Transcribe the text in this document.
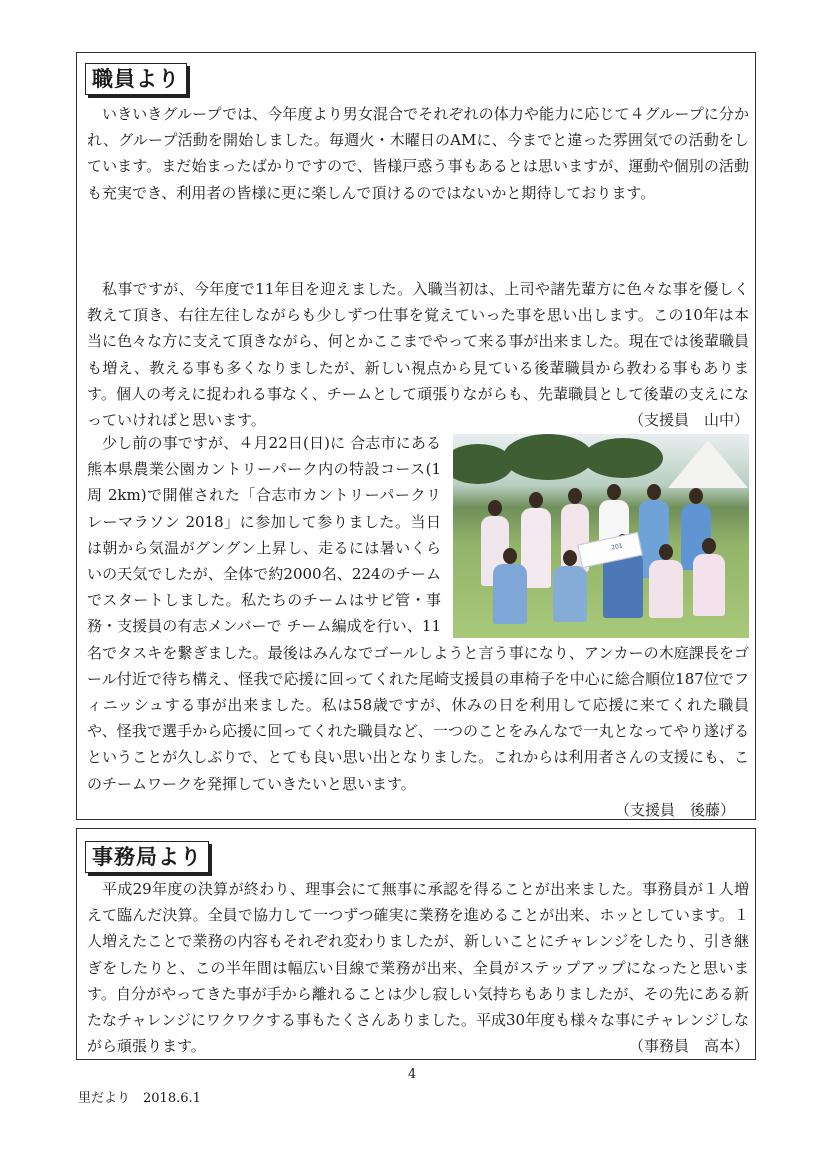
職員より

いきいきグループでは、今年度より男女混合でそれぞれの体力や能力に応じて４グループに分かれ、グループ活動を開始しました。毎週火・木曜日のAMに、今までと違った雰囲気での活動をしています。まだ始まったばかりですので、皆様戸惑う事もあるとは思いますが、運動や個別の活動も充実でき、利用者の皆様に更に楽しんで頂けるのではないかと期待しております。

私事ですが、今年度で11年目を迎えました。入職当初は、上司や諸先輩方に色々な事を優しく教えて頂き、右往左往しながらも少しずつ仕事を覚えていった事を思い出します。この10年は本当に色々な方に支えて頂きながら、何とかここまでやって来る事が出来ました。現在では後輩職員も増え、教える事も多くなりましたが、新しい視点から見ている後輩職員から教わる事もあります。個人の考えに捉われる事なく、チームとして頑張りながらも、先輩職員として後輩の支えになっていければと思います。	（支援員　山中）

201
少し前の事ですが、４月22日(日)に 合志市にある熊本県農業公園カントリーパーク内の特設コース(1周 2km)で開催された「合志市カントリーパークリレーマラソン 2018」に参加して参りました。当日は朝から気温がグングン上昇し、走るには暑いくらいの天気でしたが、全体で約2000名、224のチームでスタートしました。私たちのチームはサビ管・事務・支援員の有志メンバーで チーム編成を行い、11名でタスキを繋ぎました。最後はみんなでゴールしようと言う事になり、アンカーの木庭課長をゴール付近で待ち構え、怪我で応援に回ってくれた尾崎支援員の車椅子を中心に総合順位187位でフィニッシュする事が出来ました。私は58歳ですが、休みの日を利用して応援に来てくれた職員や、怪我で選手から応援に回ってくれた職員など、一つのことをみんなで一丸となってやり遂げるということが久しぶりで、とても良い思い出となりました。これからは利用者さんの支援にも、このチームワークを発揮していきたいと思います。
（支援員　後藤）
事務局より

平成29年度の決算が終わり、理事会にて無事に承認を得ることが出来ました。事務員が１人増えて臨んだ決算。全員で協力して一つずつ確実に業務を進めることが出来、ホッとしています。１人増えたことで業務の内容もそれぞれ変わりましたが、新しいことにチャレンジをしたり、引き継ぎをしたりと、この半年間は幅広い目線で業務が出来、全員がステップアップになったと思います。自分がやってきた事が手から離れることは少し寂しい気持ちもありましたが、その先にある新たなチャレンジにワクワクする事もたくさんありました。平成30年度も様々な事にチャレンジしながら頑張ります。	（事務員　高本）

4
里だより　2018.6.1
